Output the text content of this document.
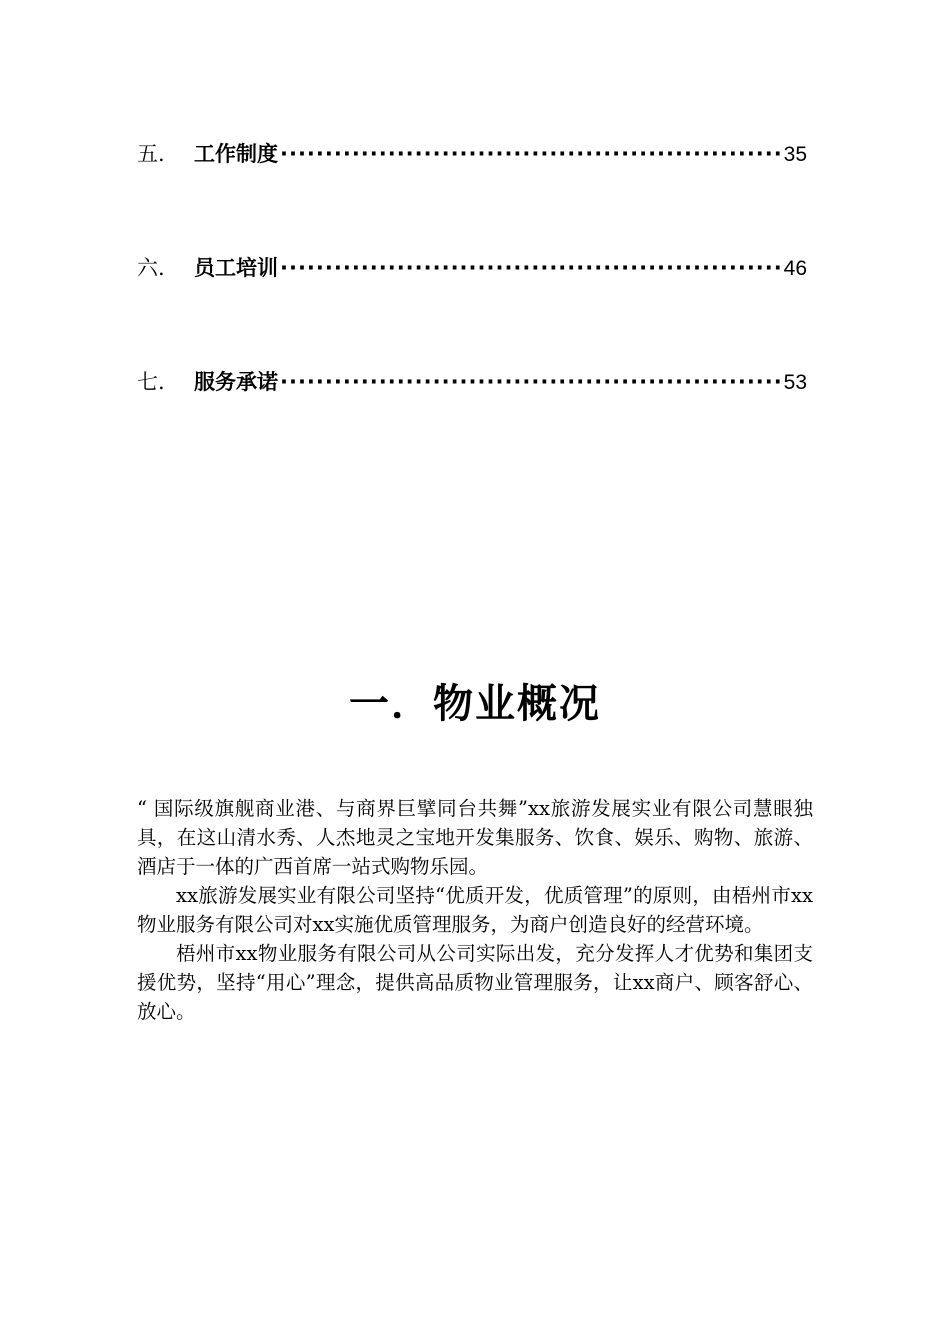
五.	工作制度 ·····	35
六.	员工培训 ·····	46
七.	服务承诺 ·····	53
一．物业概况

“ 国际级旗舰商业港、与商界巨擘同台共舞”xx旅游发展实业有限公司慧眼独具，在这山清水秀、人杰地灵之宝地开发集服务、饮食、娱乐、购物、旅游、酒店于一体的广西首席一站式购物乐园。

xx旅游发展实业有限公司坚持“优质开发，优质管理”的原则，由梧州市xx物业服务有限公司对xx实施优质管理服务，为商户创造良好的经营环境。

梧州市xx物业服务有限公司从公司实际出发，充分发挥人才优势和集团支援优势，坚持“用心”理念，提供高品质物业管理服务，让xx商户、顾客舒心、放心。
